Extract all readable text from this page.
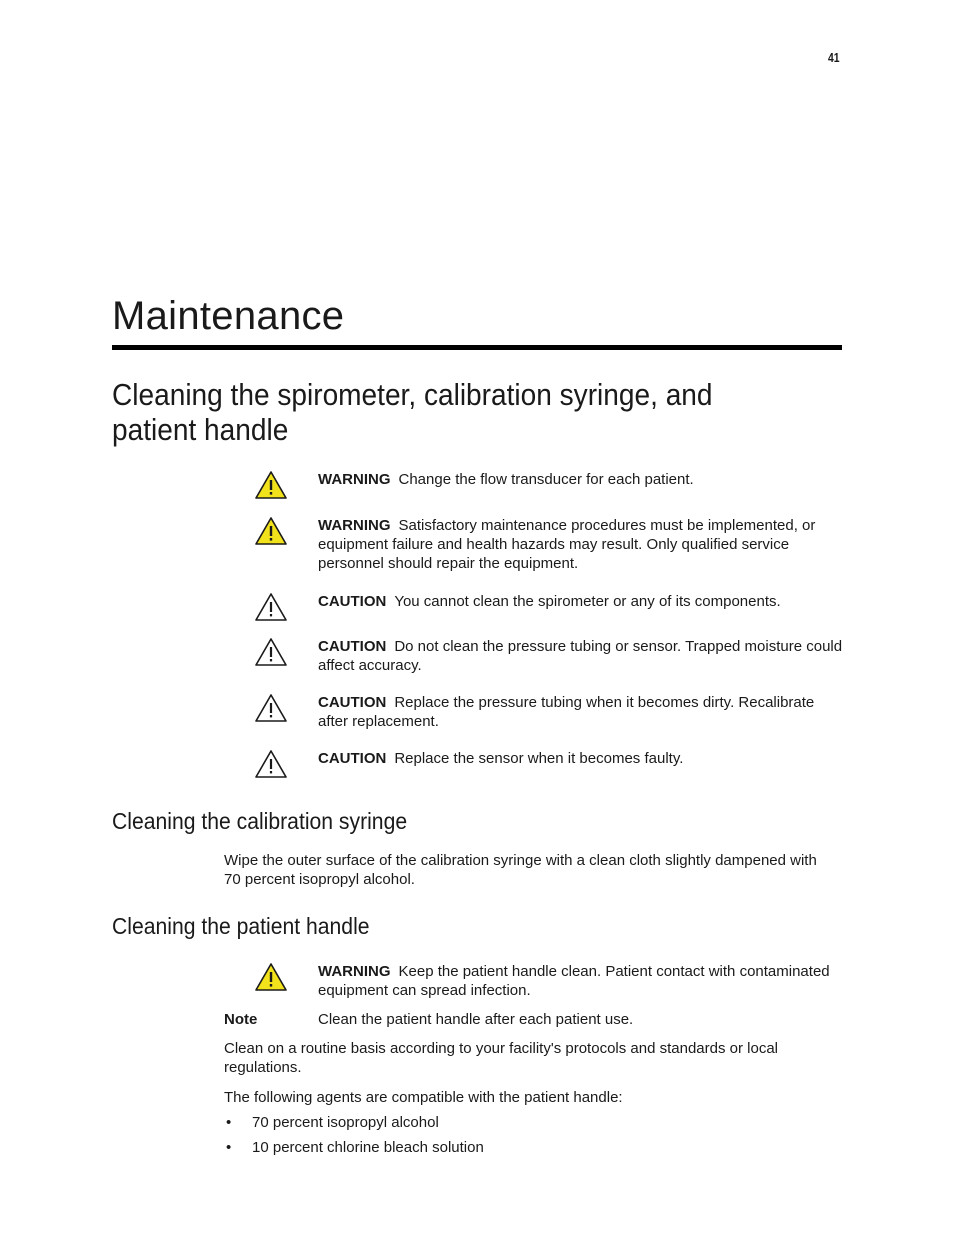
41
Maintenance
Cleaning the spirometer, calibration syringe, and patient handle
WARNING Change the flow transducer for each patient.
WARNING Satisfactory maintenance procedures must be implemented, or equipment failure and health hazards may result. Only qualified service personnel should repair the equipment.
CAUTION You cannot clean the spirometer or any of its components.
CAUTION Do not clean the pressure tubing or sensor. Trapped moisture could affect accuracy.
CAUTION Replace the pressure tubing when it becomes dirty. Recalibrate after replacement.
CAUTION Replace the sensor when it becomes faulty.
Cleaning the calibration syringe

Wipe the outer surface of the calibration syringe with a clean cloth slightly dampened with 70 percent isopropyl alcohol.

Cleaning the patient handle
WARNING Keep the patient handle clean. Patient contact with contaminated equipment can spread infection.
Note	Clean the patient handle after each patient use.

Clean on a routine basis according to your facility's protocols and standards or local regulations.

The following agents are compatible with the patient handle:

• 70 percent isopropyl alcohol
• 10 percent chlorine bleach solution
